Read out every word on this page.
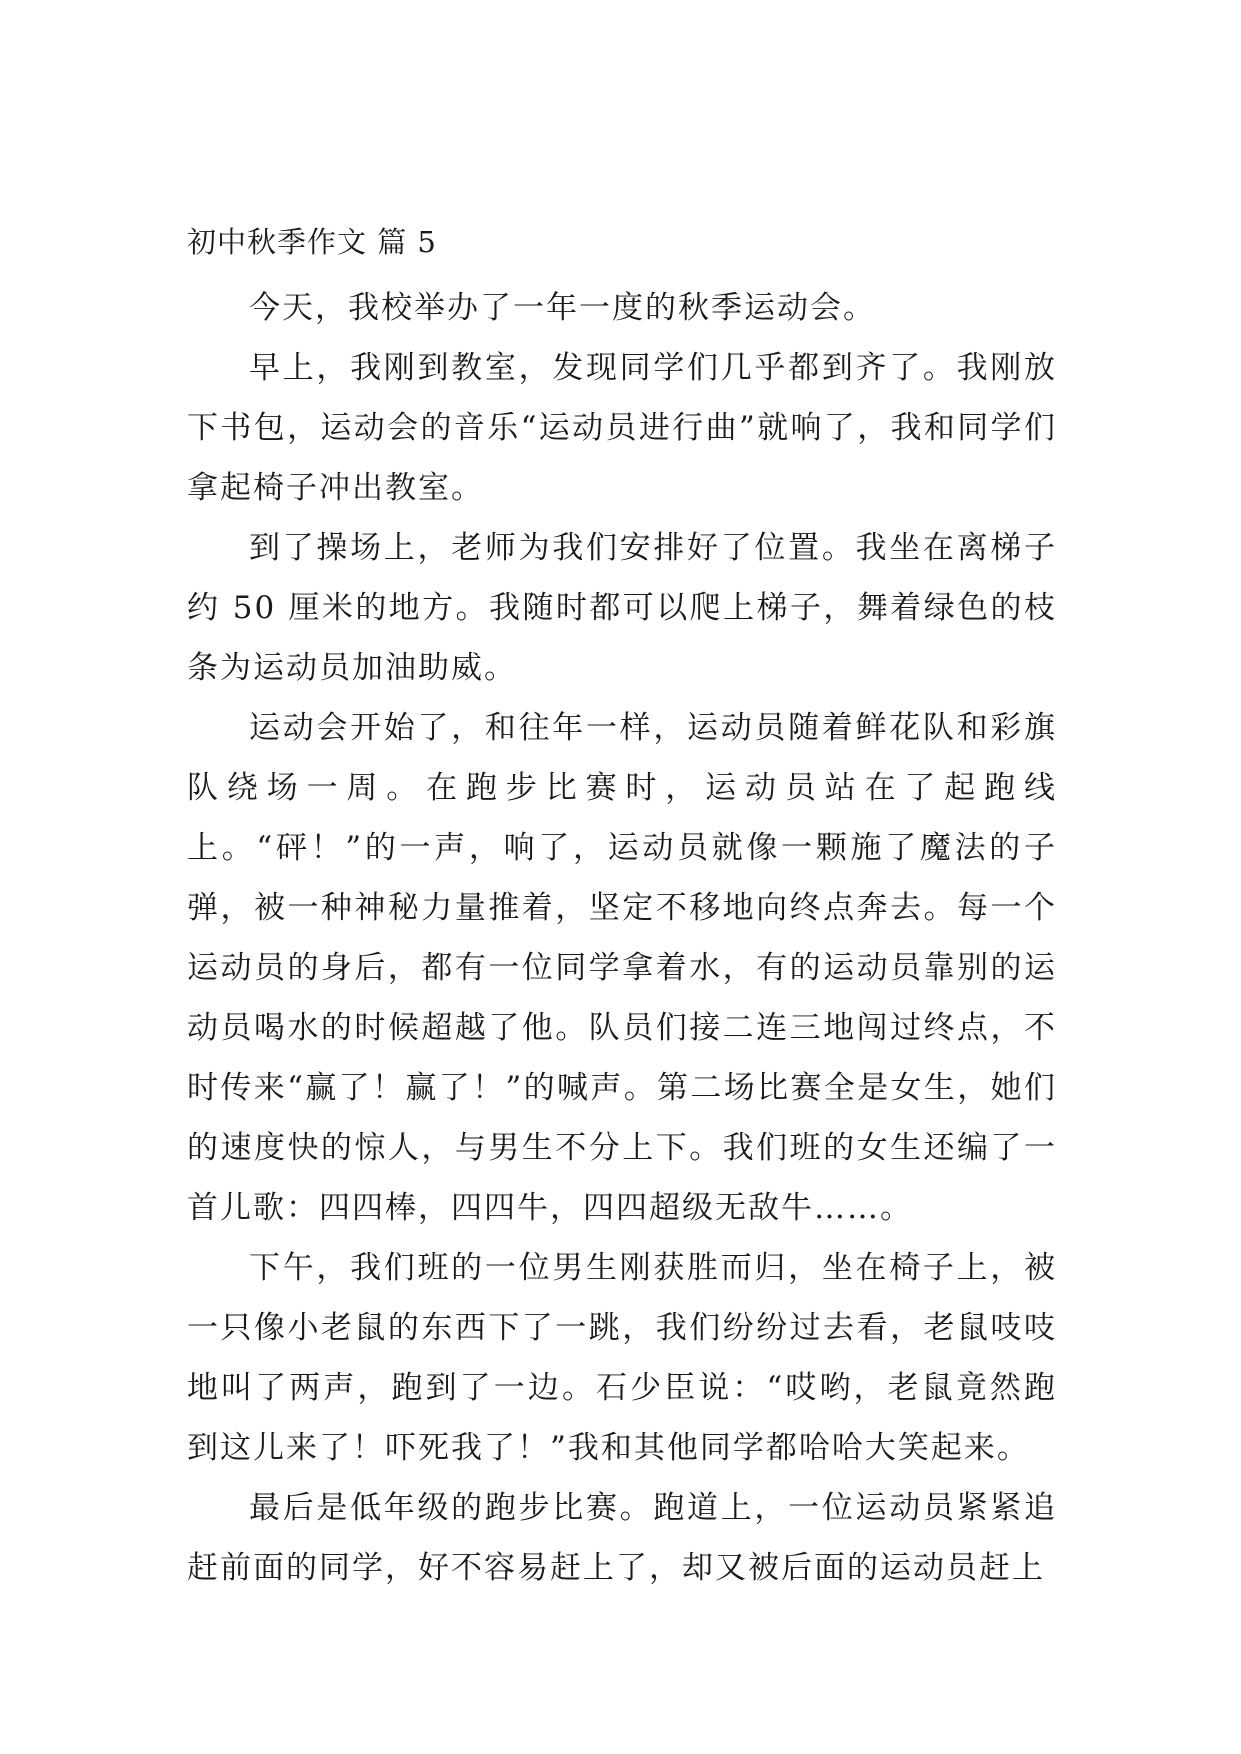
初中秋季作文 篇 5

今天，我校举办了一年一度的秋季运动会。

早上，我刚到教室，发现同学们几乎都到齐了。我刚放下书包，运动会的音乐“运动员进行曲”就响了，我和同学们拿起椅子冲出教室。

到了操场上，老师为我们安排好了位置。我坐在离梯子约 50 厘米的地方。我随时都可以爬上梯子，舞着绿色的枝条为运动员加油助威。

运动会开始了，和往年一样，运动员随着鲜花队和彩旗队绕场一周。在跑步比赛时，运动员站在了起跑线上。“砰！”的一声，响了，运动员就像一颗施了魔法的子弹，被一种神秘力量推着，坚定不移地向终点奔去。每一个运动员的身后，都有一位同学拿着水，有的运动员靠别的运动员喝水的时候超越了他。队员们接二连三地闯过终点，不时传来“赢了！赢了！”的喊声。第二场比赛全是女生，她们的速度快的惊人，与男生不分上下。我们班的女生还编了一首儿歌：四四棒，四四牛，四四超级无敌牛……。

下午，我们班的一位男生刚获胜而归，坐在椅子上，被一只像小老鼠的东西下了一跳，我们纷纷过去看，老鼠吱吱地叫了两声，跑到了一边。石少臣说：“哎哟，老鼠竟然跑到这儿来了！吓死我了！”我和其他同学都哈哈大笑起来。

最后是低年级的跑步比赛。跑道上，一位运动员紧紧追赶前面的同学，好不容易赶上了，却又被后面的运动员赶上
